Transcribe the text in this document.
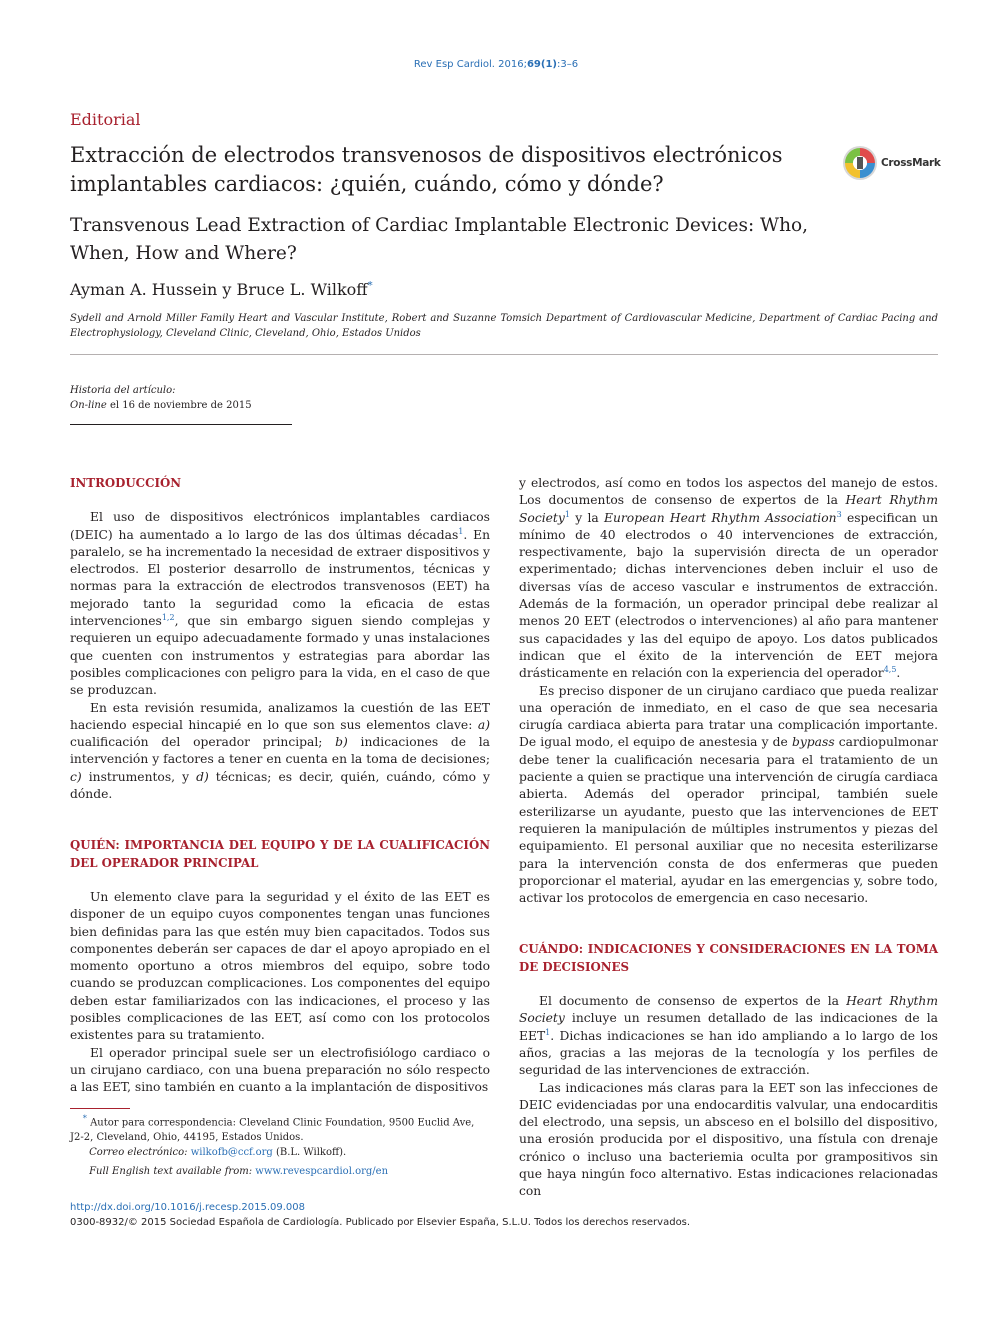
Rev Esp Cardiol. 2016;69(1):3–6
Editorial
Extracción de electrodos transvenosos de dispositivos electrónicos implantables cardiacos: ¿quién, cuándo, cómo y dónde?
CrossMark
Transvenous Lead Extraction of Cardiac Implantable Electronic Devices: Who, When, How and Where?
Ayman A. Hussein y Bruce L. Wilkoff*
Sydell and Arnold Miller Family Heart and Vascular Institute, Robert and Suzanne Tomsich Department of Cardiovascular Medicine, Department of Cardiac Pacing and Electrophysiology, Cleveland Clinic, Cleveland, Ohio, Estados Unidos
Historia del artículo:
On-line el 16 de noviembre de 2015
INTRODUCCIÓN

El uso de dispositivos electrónicos implantables cardiacos (DEIC) ha aumentado a lo largo de las dos últimas décadas$^1$. En paralelo, se ha incrementado la necesidad de extraer dispositivos y electrodos. El posterior desarrollo de instrumentos, técnicas y normas para la extracción de electrodos transvenosos (EET) ha mejorado tanto la seguridad como la eficacia de estas intervenciones$^{1,2}$, que sin embargo siguen siendo complejas y requieren un equipo adecuadamente formado y unas instalaciones que cuenten con instrumentos y estrategias para abordar las posibles complicaciones con peligro para la vida, en el caso de que se produzcan.

En esta revisión resumida, analizamos la cuestión de las EET haciendo especial hincapié en lo que son sus elementos clave: a) cualificación del operador principal; b) indicaciones de la intervención y factores a tener en cuenta en la toma de decisiones; c) instrumentos, y d) técnicas; es decir, quién, cuándo, cómo y dónde.

QUIÉN: IMPORTANCIA DEL EQUIPO Y DE LA CUALIFICACIÓN DEL OPERADOR PRINCIPAL

Un elemento clave para la seguridad y el éxito de las EET es disponer de un equipo cuyos componentes tengan unas funciones bien definidas para las que estén muy bien capacitados. Todos sus componentes deberán ser capaces de dar el apoyo apropiado en el momento oportuno a otros miembros del equipo, sobre todo cuando se produzcan complicaciones. Los componentes del equipo deben estar familiarizados con las indicaciones, el proceso y las posibles complicaciones de las EET, así como con los protocolos existentes para su tratamiento.

El operador principal suele ser un electrofisiólogo cardiaco o un cirujano cardiaco, con una buena preparación no sólo respecto a las EET, sino también en cuanto a la implantación de dispositivos

y electrodos, así como en todos los aspectos del manejo de estos. Los documentos de consenso de expertos de la Heart Rhythm Society$^1$ y la European Heart Rhythm Association$^3$ especifican un mínimo de 40 electrodos o 40 intervenciones de extracción, respectivamente, bajo la supervisión directa de un operador experimentado; dichas intervenciones deben incluir el uso de diversas vías de acceso vascular e instrumentos de extracción. Además de la formación, un operador principal debe realizar al menos 20 EET (electrodos o intervenciones) al año para mantener sus capacidades y las del equipo de apoyo. Los datos publicados indican que el éxito de la intervención de EET mejora drásticamente en relación con la experiencia del operador$^{4,5}$.

Es preciso disponer de un cirujano cardiaco que pueda realizar una operación de inmediato, en el caso de que sea necesaria cirugía cardiaca abierta para tratar una complicación importante. De igual modo, el equipo de anestesia y de bypass cardiopulmonar debe tener la cualificación necesaria para el tratamiento de un paciente a quien se practique una intervención de cirugía cardiaca abierta. Además del operador principal, también suele esterilizarse un ayudante, puesto que las intervenciones de EET requieren la manipulación de múltiples instrumentos y piezas del equipamiento. El personal auxiliar que no necesita esterilizarse para la intervención consta de dos enfermeras que pueden proporcionar el material, ayudar en las emergencias y, sobre todo, activar los protocolos de emergencia en caso necesario.

CUÁNDO: INDICACIONES Y CONSIDERACIONES EN LA TOMA DE DECISIONES

El documento de consenso de expertos de la Heart Rhythm Society incluye un resumen detallado de las indicaciones de la EET$^1$. Dichas indicaciones se han ido ampliando a lo largo de los años, gracias a las mejoras de la tecnología y los perfiles de seguridad de las intervenciones de extracción.

Las indicaciones más claras para la EET son las infecciones de DEIC evidenciadas por una endocarditis valvular, una endocarditis del electrodo, una sepsis, un absceso en el bolsillo del dispositivo, una erosión producida por el dispositivo, una fístula con drenaje crónico o incluso una bacteriemia oculta por grampositivos sin que haya ningún foco alternativo. Estas indicaciones relacionadas con

* Autor para correspondencia: Cleveland Clinic Foundation, 9500 Euclid Ave, J2-2, Cleveland, Ohio, 44195, Estados Unidos.

Correo electrónico: wilkofb@ccf.org (B.L. Wilkoff).

Full English text available from: www.revespcardiol.org/en

http://dx.doi.org/10.1016/j.recesp.2015.09.008

0300-8932/© 2015 Sociedad Española de Cardiología. Publicado por Elsevier España, S.L.U. Todos los derechos reservados.
